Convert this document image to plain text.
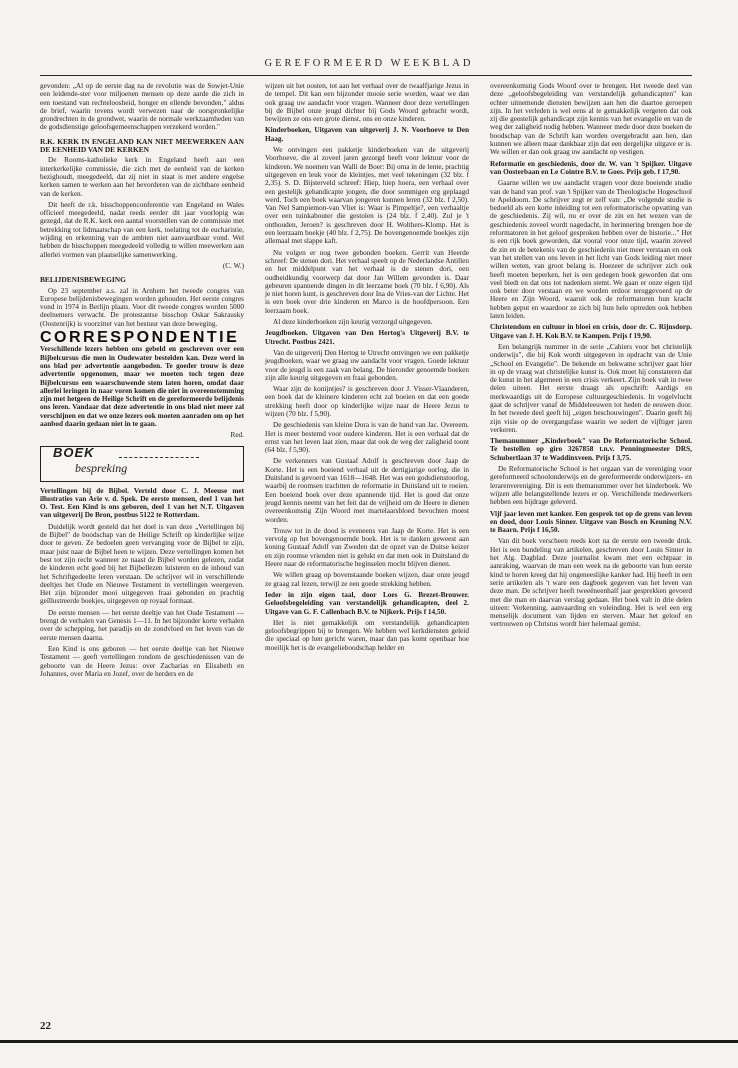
GEREFORMEERD WEEKBLAD

gevonden: „Al op de eerste dag na de revolutie was de Sowjet-Unie een leidende-ster voor miljoenen mensen op deze aarde die zich in een toestand van rechteloosheid, honger en ellende bevonden," aldus de brief, waarin tevens wordt verwezen naar de oorspronkelijke grondrechten in de grondwet, waarin de normale werkzaamheden van de godsdienstige geloofsgemeenschappen verzekerd worden."

R.K. KERK IN ENGELAND KAN NIET MEEWERKEN AAN DE EENHEID VAN DE KERKEN

De Rooms-katholieke kerk in Engeland heeft aan een interkerkelijke commissie, die zich met de eenheid van de kerken bezighoudt, meegedeeld, dat zij niet in staat is met andere engelse kerken samen te werken aan het bevorderen van de zichtbare eenheid van de kerken.

Dit heeft de r.k. bisschoppenconferentie van Engeland en Wales officieel meegedeeld, nadat reeds eerder dit jaar voorlopig was gezegd, dat de R.K. kerk een aantal voorstellen van de commissie met betrekking tot lidmaatschap van een kerk, toelating tot de eucharistie, wijding en erkenning van de ambten niet aanvaardbaar vond. Wel hebben de bisschoppen meegedeeld volledig te willen meewerken aan allerlei vormen van plaatselijke samenwerking.

(C. W.)
BELIJDENISBEWEGING

Op 23 september a.s. zal in Arnhem het tweede congres van Europese belijdenisbewegingen worden gehouden. Het eerste congres vond in 1974 in Berlijn plaats. Voor dit tweede congres worden 5000 deelnemers verwacht. De protestantse bisschop Oskar Sakrausky (Oostenrijk) is voorzitter van het bestuur van deze beweging.

CORRESPONDENTIE

Verschillende lezers hebben ons gebeld en geschreven over een Bijbelcursus die men in Oudewater bestelden kan. Deze werd in ons blad per advertentie aangeboden. Te goeder trouw is deze advertentie opgenomen, maar we moeten toch tegen deze Bijbelcursus een waarschuwende stem laten horen, omdat daar allerlei leringen in naar voren komen die niet in overeenstemming zijn met hetgeen de Heilige Schrift en de gereformeerde belijdenis ons leren. Vandaar dat deze advertentie in ons blad niet meer zal verschijnen en dat we onze lezers ook moeten aanraden om op het aanbod daarin gedaan niet in te gaan.

Red.
BOEK
bespreking

Vertellingen bij de Bijbel. Verteld door C. J. Meeuse met illustraties van Arie v. d. Spek. De eerste mensen, deel 1 van het O. Test. Een Kind is ons geboren, deel 1 van het N.T. Uitgaven van uitgeverij De Bron, postbus 5122 te Rotterdam.

Duidelijk wordt gesteld dat het doel is van deze „Vertellingen bij de Bijbel" de boodschap van de Heilige Schrift op kinderlijke wijze door te geven. Ze bedoelen geen vervanging voor de Bijbel te zijn, maar juist naar de Bijbel heen te wijzen. Deze vertellingen komen het best tot zijn recht wanneer ze naast de Bijbel worden gelezen, zodat de kinderen echt goed bij het Bijbellezen luisteren en de inhoud van het Schriftgedeelte leren verstaan. De schrijver wil in verschillende deeltjes het Oude en Nieuwe Testament in vertellingen weergeven. Het zijn bijzonder mooi uitgegeven fraai gebonden en prachtig geïllustreerde boekjes, uitgegeven op royaal formaat.

De eerste mensen — het eerste deeltje van het Oude Testament — brengt de verhalen van Genesis 1—11. In het bijzonder korte verhalen over de schepping, het paradijs en de zondvloed en het leven van de eerste mensen daarna.

Een Kind is ons geboren — het eerste deeltje van het Nieuwe Testament — geeft vertellingen rondom de geschiedenissen van de geboorte van de Heere Jezus: over Zacharias en Elisabeth en Johannes, over Maria en Jozef, over de herders en de

wijzen uit het oosten, tot aan het verhaal over de twaalfjarige Jezus in de tempel. Dit kan een bijzonder mooie serie worden, waar we dan ook graag uw aandacht voor vragen. Wanneer door deze vertellingen bij de Bijbel onze jeugd dichter bij Gods Woord gebracht wordt, bewijzen ze ons een grote dienst, ons en onze kinderen.

Kinderboeken, Uitgaven van uitgeverij J. N. Voorhoeve te Den Haag.

We ontvingen een pakketje kinderboeken van de uitgeverij Voorhoeve, die al zoveel jaren gezorgd heeft voor lektuur voor de kinderen. We noemen van Walli de Boer: Bij oma in de lente, prachtig uitgegeven en leuk voor de kleintjes, met veel tekeningen (32 blz. f 2,35). S. D. Bijsterveld schreef: Hiep, hiep hoera, een verhaal over een gestelijk gehandicapte jongen, die door sommigen erg geplaagd werd. Toch een boek waarvan jongeren kunnen leren (32 blz. f 2,50). Van Nel Sampiemon-van Vliet is: Waar is Pimpeltje?, een verhaaltje over een tuinkabouter die gestolen is (24 blz. f 2,40). Zul je 't onthouden, Jeroen? is geschreven door H. Wolthers-Klomp. Het is een leerzaam boekje (40 blz. f 2,75). De bovengenoemde boekjes zijn allemaal met slappe kaft.

Nu volgen er nog twee gebonden boeken. Gerrit van Heerde schreef: De stenen dori. Het verhaal speelt op de Nederlandse Antillen en het middelpunt van het verhaal is de stenen dori, een oudheidkundig voorwerp dat door Jan Willem gevonden is. Daar gebeuren spannende dingen in dit leerzame boek (70 blz. f 6,90). Als je niet horen kunt, is geschreven door Ina de Vries-van der Lichte. Het is een boek over drie kinderen en Marco is de hoofdpersoon. Een leerzaam boek.

Al deze kinderboeken zijn keurig verzorgd uitgegeven.

Jeugdboeken. Uitgaven van Den Hertog's Uitgeverij B.V. te Utrecht. Postbus 2421.

Van de uitgeverij Den Hertog te Utrecht ontvingen we een pakketje jeugdboeken, waar we graag uw aandacht voor vragen. Goede lektuur voor de jeugd is een zaak van belang. De hieronder genoemde boeken zijn alle keurig uitgegeven en fraai gebonden.

Waar zijn de konijntjes? is geschreven door J. Visser-Vlaanderen, een boek dat de kleinere kinderen echt zal boeien en dat een goede strekking heeft door op kinderlijke wijze naar de Heere Jezus te wijzen (70 blz. f 5,90).

De geschiedenis van kleine Dora is van de hand van Jac. Overeem. Het is meer bestemd voor oudere kinderen. Het is een verhaal dat de ernst van het leven laat zien, maar dat ook de weg der zaligheid toont (64 blz. f 5,90).

De verkenners van Gustaaf Adolf is geschreven door Jaap de Korte. Het is een boeiend verhaal uit de dertigjarige oorlog, die in Duitsland is gevoerd van 1618—1648. Het was een godsdienstoorlog, waarbij de roomsen trachtten de reformatie in Duitsland uit te roeien. Een boeiend boek over deze spannende tijd. Het is goed dat onze jeugd kennis neemt van het feit dat de vrijheid om de Heere te dienen overeenkomstig Zijn Woord met martelaarsbloed bevochten moest worden.

Trouw tot in de dood is eveneens van Jaap de Korte. Het is een vervolg op het bovengenoemde boek. Het is te danken geweest aan koning Gustaaf Adolf van Zweden dat de opzet van de Duitse keizer en zijn roomse vrienden niet is gelukt en dat men ook in Duitsland de Heere naar de reformatorische beginselen mocht blijven dienen.

We willen graag op bovenstaande boeken wijzen, daar onze jeugd ze graag zal lezen, terwijl ze een goede strekking hebben.

Ieder in zijn eigen taal, door Loes G. Brezet-Brouwer. Geloofsbegeleiding van verstandelijk gehandicapten, deel 2. Uitgave van G. F. Callenbach B.V. te Nijkerk. Prijs f 14,50.

Het is niet gemakkelijk om verstandelijk gehandicapten geloofsbegrippen bij te brengen. We hebben wel kerkdiensten geleid die speciaal op hen gericht waren, maar dan pas komt openbaar hoe moeilijk het is de evangelieboodschap helder en

overeenkomstig Gods Woord over te brengen. Het tweede deel van deze „geloofsbegeleiding van verstandelijk gehandicapten" kan echter uitnemende diensten bewijzen aan hen die daartoe geroepen zijn. In het verleden is wel eens al te gemakkelijk vergeten dat ook zij die geestelijk gehandicapt zijn kennis van het evangelie en van de weg der zaligheid nodig hebben. Wanneer mede door deze boeken de boodschap van de Schrift kan worden overgebracht aan hen, dan kunnen we alleen maar dankbaar zijn dat een dergelijke uitgave er is. We willen er dan ook graag uw aandacht op vestigen.

Reformatie en geschiedenis, door dr. W. van 't Spijker. Uitgave van Oosterbaan en Le Cointre B.V. te Goes. Prijs geb. f 17,90.

Gaarne willen we uw aandacht vragen voor deze boeiende studie van de hand van prof. van 't Spijker van de Theologische Hogeschool te Apeldoorn. De schrijver zegt er zelf van: „De volgende studie is bedoeld als een korte inleiding tot een reformatorische opvatting van de geschiedenis. Zij wil, nu er over de zin en het wezen van de geschiedenis zoveel wordt nagedacht, in herinnering brengen hoe de reformatoren in het geloof gesproken hebben over de historie..." Het is een rijk boek geworden, dat vooral voor onze tijd, waarin zoveel de zin en de betekenis van de geschiedenis niet meer verstaan en ook van het stellen van ons leven in het licht van Gods leiding niet meer willen weten, van groot belang is. Hoezeer de schrijver zich ook heeft moeten beperken, het is een gedegen boek geworden dat ons veel biedt en dat ons tot nadenken stemt. We gaan er onze eigen tijd ook beter door verstaan en we worden erdoor teruggevoerd op de Heere en Zijn Woord, waaruit ook de reformatoren hun kracht hebben geput en waardoor ze zich bij hun hele optreden ook hebben laten leiden.

Christendom en cultuur in bloei en crisis, door dr. C. Rijnsdorp. Uitgave van J. H. Kok B.V. te Kampen. Prijs f 19,90.

Een belangrijk nummer in de serie „Cahiers voor het christelijk onderwijs", die bij Kok wordt uitgegeven in opdracht van de Unie „School en Evangelie". De bekende en bekwame schrijver gaat hier in op de vraag wat christelijke kunst is. Ook moet hij constateren dat de kunst in het algemeen in een crisis verkeert. Zijn boek valt in twee delen uiteen. Het eerste draagt als opschrift: Aardigs en merkwaardigs uit de Europese cultuurgeschiedenis. In vogelvlucht gaat de schrijver vanaf de Middeleeuwen tot heden de eeuwen door. In het tweede deel geeft hij „eigen beschouwingen". Daarin geeft hij zijn visie op de overgangsfase waarin we sedert de vijftiger jaren verkeren.

Themanummer „Kinderboek" van De Reformatorische School. Te bestellen op giro 3267858 t.n.v. Penningmeester DRS, Schubertlaan 37 te Waddinxveen. Prijs f 3,75.

De Reformatorische School is het orgaan van de vereniging voor gereformeerd schoolonderwijs en de gereformeerde onderwijzers- en lerarenvereniging. Dit is een themanummer over het kinderboek. We wijzen alle belangstellende lezers er op. Verschillende medewerkers hebben een bijdrage geleverd.

Vijf jaar leven met kanker. Een gesprek tot op de grens van leven en dood, door Louis Sinner. Uitgave van Bosch en Keuning N.V. te Baarn. Prijs f 16,50.

Van dit boek verscheen reeds kort na de eerste een tweede druk. Het is een bundeling van artikelen, geschreven door Louis Sinner in het Alg. Dagblad. Deze journalist kwam met een echtpaar in aanraking, waarvan de man een week na de geboorte van hun eerste kind te horen kreeg dat hij ongeneeslijke kanker had. Hij heeft in een serie artikelen als 't ware een dagboek gegeven van het leven van deze man. De schrijver heeft tweeëneenhalf jaar gesprekken gevoerd met die man en daarvan verslag gedaan. Het boek valt in drie delen uiteen: Verkenning, aanvaarding en voleinding. Het is wel een erg menselijk document van lijden en sterven. Maar het geloof en vertrouwen op Christus wordt hier helemaal gemist.

22
